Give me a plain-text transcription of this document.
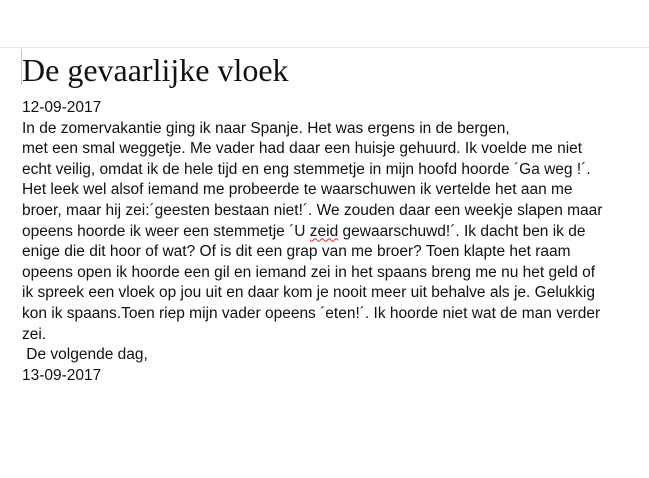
De gevaarlijke vloek
12-09-2017
In de zomervakantie ging ik naar Spanje. Het was ergens in de bergen,
met een smal weggetje. Me vader had daar een huisje gehuurd. Ik voelde me niet
echt veilig, omdat ik de hele tijd en eng stemmetje in mijn hoofd hoorde ´Ga weg !´.
Het leek wel alsof iemand me probeerde te waarschuwen ik vertelde het aan me
broer, maar hij zei:´geesten bestaan niet!´. We zouden daar een weekje slapen maar
opeens hoorde ik weer een stemmetje ´U zeid gewaarschuwd!´. Ik dacht ben ik de
enige die dit hoor of wat? Of is dit een grap van me broer? Toen klapte het raam
opeens open ik hoorde een gil en iemand zei in het spaans breng me nu het geld of
ik spreek een vloek op jou uit en daar kom je nooit meer uit behalve als je. Gelukkig
kon ik spaans.Toen riep mijn vader opeens ´eten!´. Ik hoorde niet wat de man verder
zei.
De volgende dag,
13-09-2017
